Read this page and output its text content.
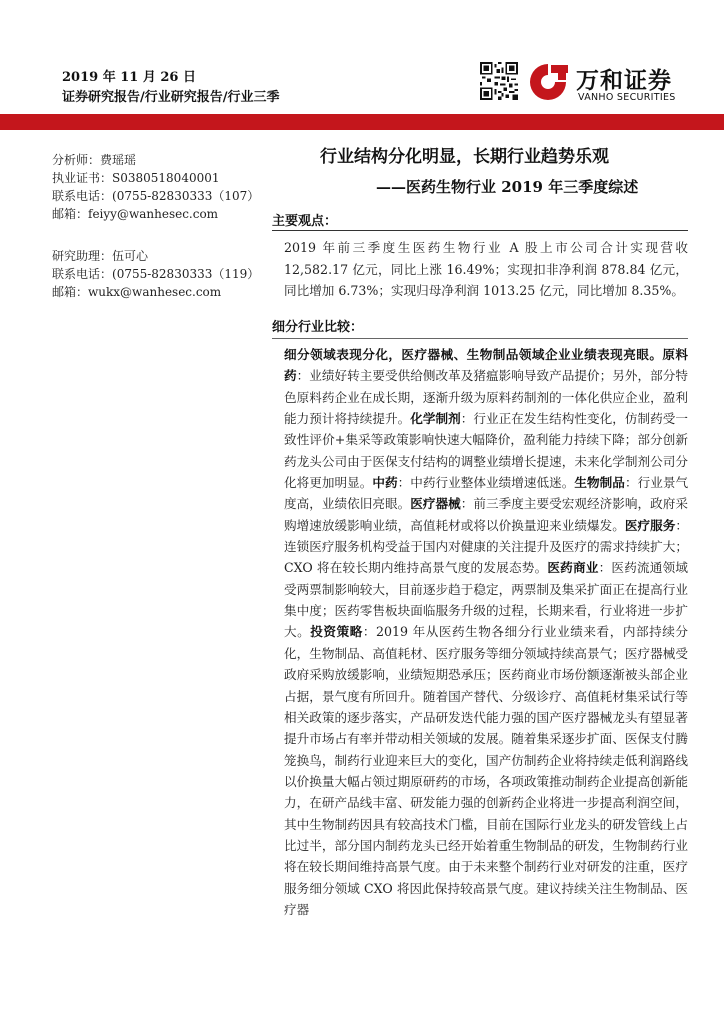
2019 年 11 月 26 日
证券研究报告/行业研究报告/行业三季
万和证券
VANHO SECURITIES
行业结构分化明显，长期行业趋势乐观
——医药生物行业 2019 年三季度综述
分析师：费瑶瑶
执业证书：S0380518040001
联系电话：(0755-82830333（107）
邮箱：feiyy@wanhesec.com
研究助理：伍可心
联系电话：(0755-82830333（119）
邮箱：wukx@wanhesec.com
主要观点：
2019 年前三季度生医药生物行业 A 股上市公司合计实现营收 12,582.17 亿元，同比上涨 16.49%；实现扣非净利润 878.84 亿元，同比增加 6.73%；实现归母净利润 1013.25 亿元，同比增加 8.35%。
细分行业比较：
细分领域表现分化，医疗器械、生物制品领域企业业绩表现亮眼。原料药：业绩好转主要受供给侧改革及猪瘟影响导致产品提价；另外，部分特色原料药企业在成长期，逐渐升级为原料药制剂的一体化供应企业，盈利能力预计将持续提升。化学制剂：行业正在发生结构性变化，仿制药受一致性评价+集采等政策影响快速大幅降价，盈利能力持续下降；部分创新药龙头公司由于医保支付结构的调整业绩增长提速，未来化学制剂公司分化将更加明显。中药：中药行业整体业绩增速低迷。生物制品：行业景气度高，业绩依旧亮眼。医疗器械：前三季度主要受宏观经济影响，政府采购增速放缓影响业绩，高值耗材或将以价换量迎来业绩爆发。医疗服务：连锁医疗服务机构受益于国内对健康的关注提升及医疗的需求持续扩大； CXO 将在较长期内维持高景气度的发展态势。医药商业：医药流通领域受两票制影响较大，目前逐步趋于稳定，两票制及集采扩面正在提高行业集中度；医药零售板块面临服务升级的过程，长期来看，行业将进一步扩大。投资策略：2019 年从医药生物各细分行业业绩来看，内部持续分化，生物制品、高值耗材、医疗服务等细分领域持续高景气；医疗器械受政府采购放缓影响，业绩短期恐承压；医药商业市场份额逐渐被头部企业占据，景气度有所回升。随着国产替代、分级诊疗、高值耗材集采试行等相关政策的逐步落实，产品研发迭代能力强的国产医疗器械龙头有望显著提升市场占有率并带动相关领域的发展。随着集采逐步扩面、医保支付腾笼换鸟，制药行业迎来巨大的变化，国产仿制药企业将持续走低利润路线以价换量大幅占领过期原研药的市场，各项政策推动制药企业提高创新能力，在研产品线丰富、研发能力强的创新药企业将进一步提高利润空间，其中生物制药因具有较高技术门槛，目前在国际行业龙头的研发管线上占比过半，部分国内制药龙头已经开始着重生物制品的研发，生物制药行业将在较长期间维持高景气度。由于未来整个制药行业对研发的注重，医疗服务细分领域 CXO 将因此保持较高景气度。建议持续关注生物制品、医疗器
